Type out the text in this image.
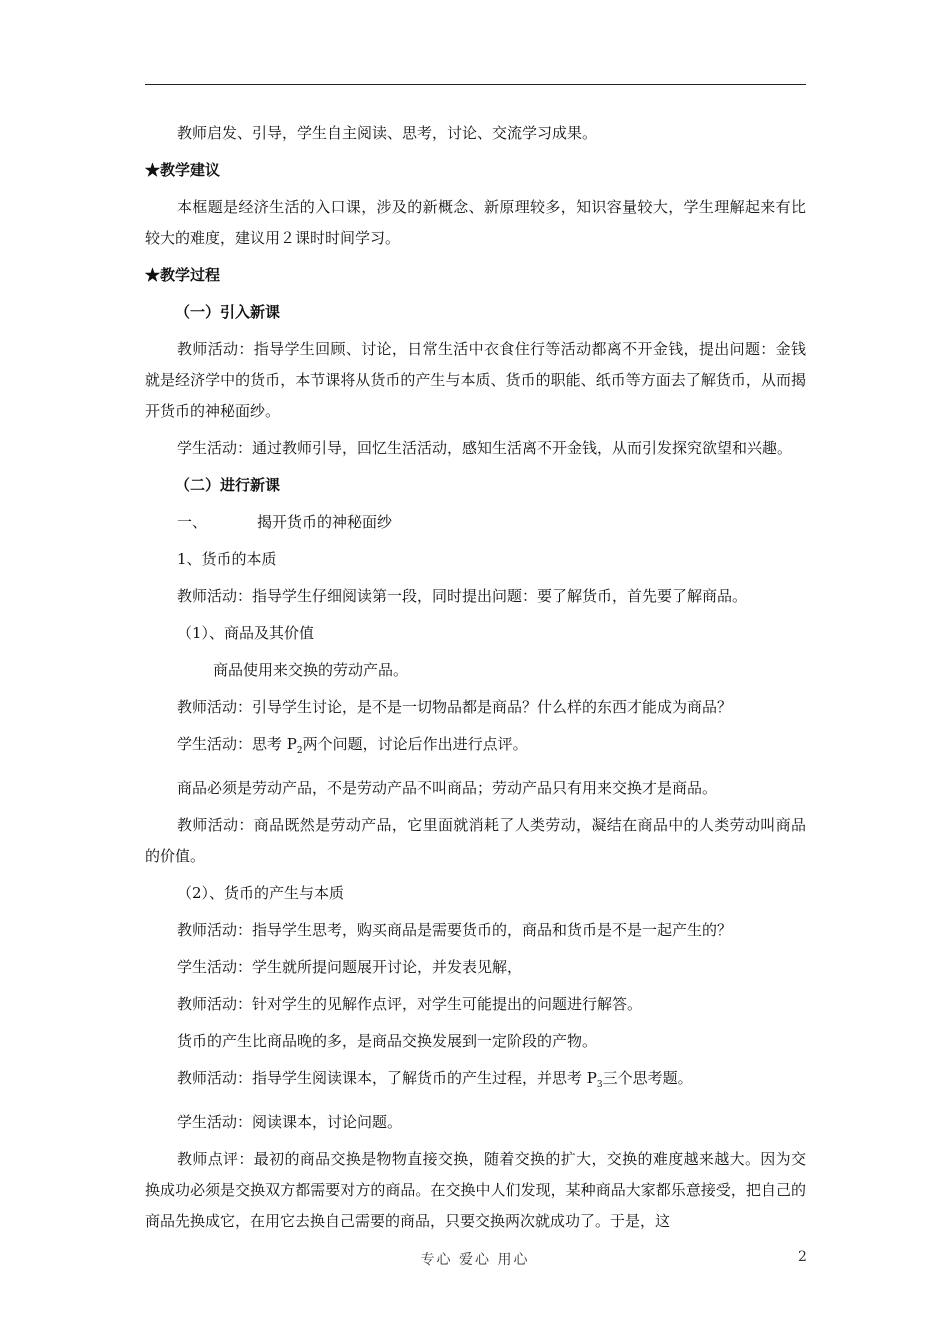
教师启发、引导，学生自主阅读、思考，讨论、交流学习成果。

★教学建议

本框题是经济生活的入口课，涉及的新概念、新原理较多，知识容量较大，学生理解起来有比较大的难度，建议用２课时时间学习。

★教学过程

（一）引入新课

教师活动：指导学生回顾、讨论，日常生活中衣食住行等活动都离不开金钱，提出问题：金钱就是经济学中的货币，本节课将从货币的产生与本质、货币的职能、纸币等方面去了解货币，从而揭开货币的神秘面纱。

学生活动：通过教师引导，回忆生活活动，感知生活离不开金钱，从而引发探究欲望和兴趣。

（二）进行新课

一、	揭开货币的神秘面纱

1、货币的本质

教师活动：指导学生仔细阅读第一段，同时提出问题：要了解货币，首先要了解商品。

（1）、商品及其价值

商品使用来交换的劳动产品。

教师活动：引导学生讨论，是不是一切物品都是商品？什么样的东西才能成为商品？

学生活动：思考 $P_2$两个问题，讨论后作出进行点评。

商品必须是劳动产品，不是劳动产品不叫商品；劳动产品只有用来交换才是商品。

教师活动：商品既然是劳动产品，它里面就消耗了人类劳动，凝结在商品中的人类劳动叫商品的价值。

（2）、货币的产生与本质

教师活动：指导学生思考，购买商品是需要货币的，商品和货币是不是一起产生的？

学生活动：学生就所提问题展开讨论，并发表见解，

教师活动：针对学生的见解作点评，对学生可能提出的问题进行解答。

货币的产生比商品晚的多，是商品交换发展到一定阶段的产物。

教师活动：指导学生阅读课本，了解货币的产生过程，并思考 $P_3$三个思考题。

学生活动：阅读课本，讨论问题。

教师点评：最初的商品交换是物物直接交换，随着交换的扩大，交换的难度越来越大。因为交换成功必须是交换双方都需要对方的商品。在交换中人们发现，某种商品大家都乐意接受，把自己的商品先换成它，在用它去换自己需要的商品，只要交换两次就成功了。于是，这

专心 爱心 用心	2
